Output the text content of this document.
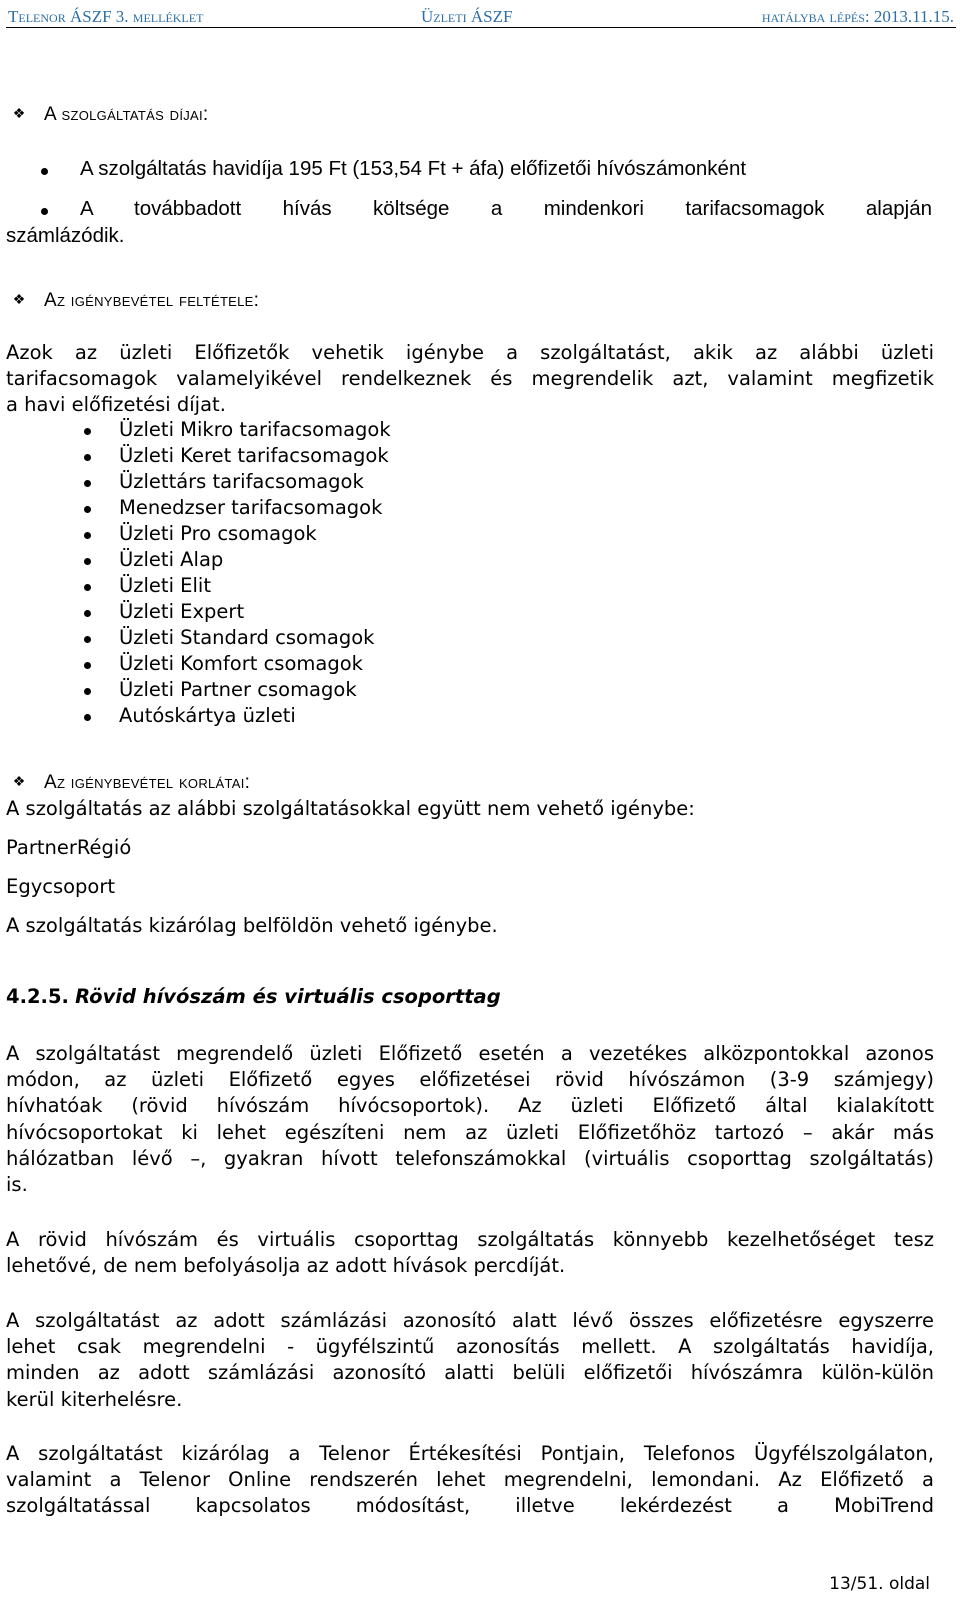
Telenor ÁSZF 3. melléklet	Üzleti ÁSZF	hatályba lépés: 2013.11.15.
❖ A szolgáltatás díjai:
A szolgáltatás havidíja 195 Ft (153,54 Ft + áfa) előfizetői hívószámonként
A továbbadott hívás költsége a mindenkori tarifacsomagok alapján
számlázódik.
❖ Az igénybevétel feltétele:
Azok az üzleti Előfizetők vehetik igénybe a szolgáltatást, akik az alábbi üzleti
tarifacsomagok valamelyikével rendelkeznek és megrendelik azt, valamint megfizetik
a havi előfizetési díjat.
Üzleti Mikro tarifacsomagok
Üzleti Keret tarifacsomagok
Üzlettárs tarifacsomagok
Menedzser tarifacsomagok
Üzleti Pro csomagok
Üzleti Alap
Üzleti Elit
Üzleti Expert
Üzleti Standard csomagok
Üzleti Komfort csomagok
Üzleti Partner csomagok
Autóskártya üzleti
❖ Az igénybevétel korlátai:
A szolgáltatás az alábbi szolgáltatásokkal együtt nem vehető igénybe:
PartnerRégió
Egycsoport
A szolgáltatás kizárólag belföldön vehető igénybe.
4.2.5. Rövid hívószám és virtuális csoporttag
A szolgáltatást megrendelő üzleti Előfizető esetén a vezetékes alközpontokkal azonos
módon, az üzleti Előfizető egyes előfizetései rövid hívószámon (3-9 számjegy)
hívhatóak (rövid hívószám hívócsoportok). Az üzleti Előfizető által kialakított
hívócsoportokat ki lehet egészíteni nem az üzleti Előfizetőhöz tartozó – akár más
hálózatban lévő –, gyakran hívott telefonszámokkal (virtuális csoporttag szolgáltatás)
is.
A rövid hívószám és virtuális csoporttag szolgáltatás könnyebb kezelhetőséget tesz
lehetővé, de nem befolyásolja az adott hívások percdíját.
A szolgáltatást az adott számlázási azonosító alatt lévő összes előfizetésre egyszerre
lehet csak megrendelni - ügyfélszintű azonosítás mellett. A szolgáltatás havidíja,
minden az adott számlázási azonosító alatti belüli előfizetői hívószámra külön-külön
kerül kiterhelésre.
A szolgáltatást kizárólag a Telenor Értékesítési Pontjain, Telefonos Ügyfélszolgálaton,
valamint a Telenor Online rendszerén lehet megrendelni, lemondani. Az Előfizető a
szolgáltatással kapcsolatos módosítást, illetve lekérdezést a MobiTrend
13/51. oldal
